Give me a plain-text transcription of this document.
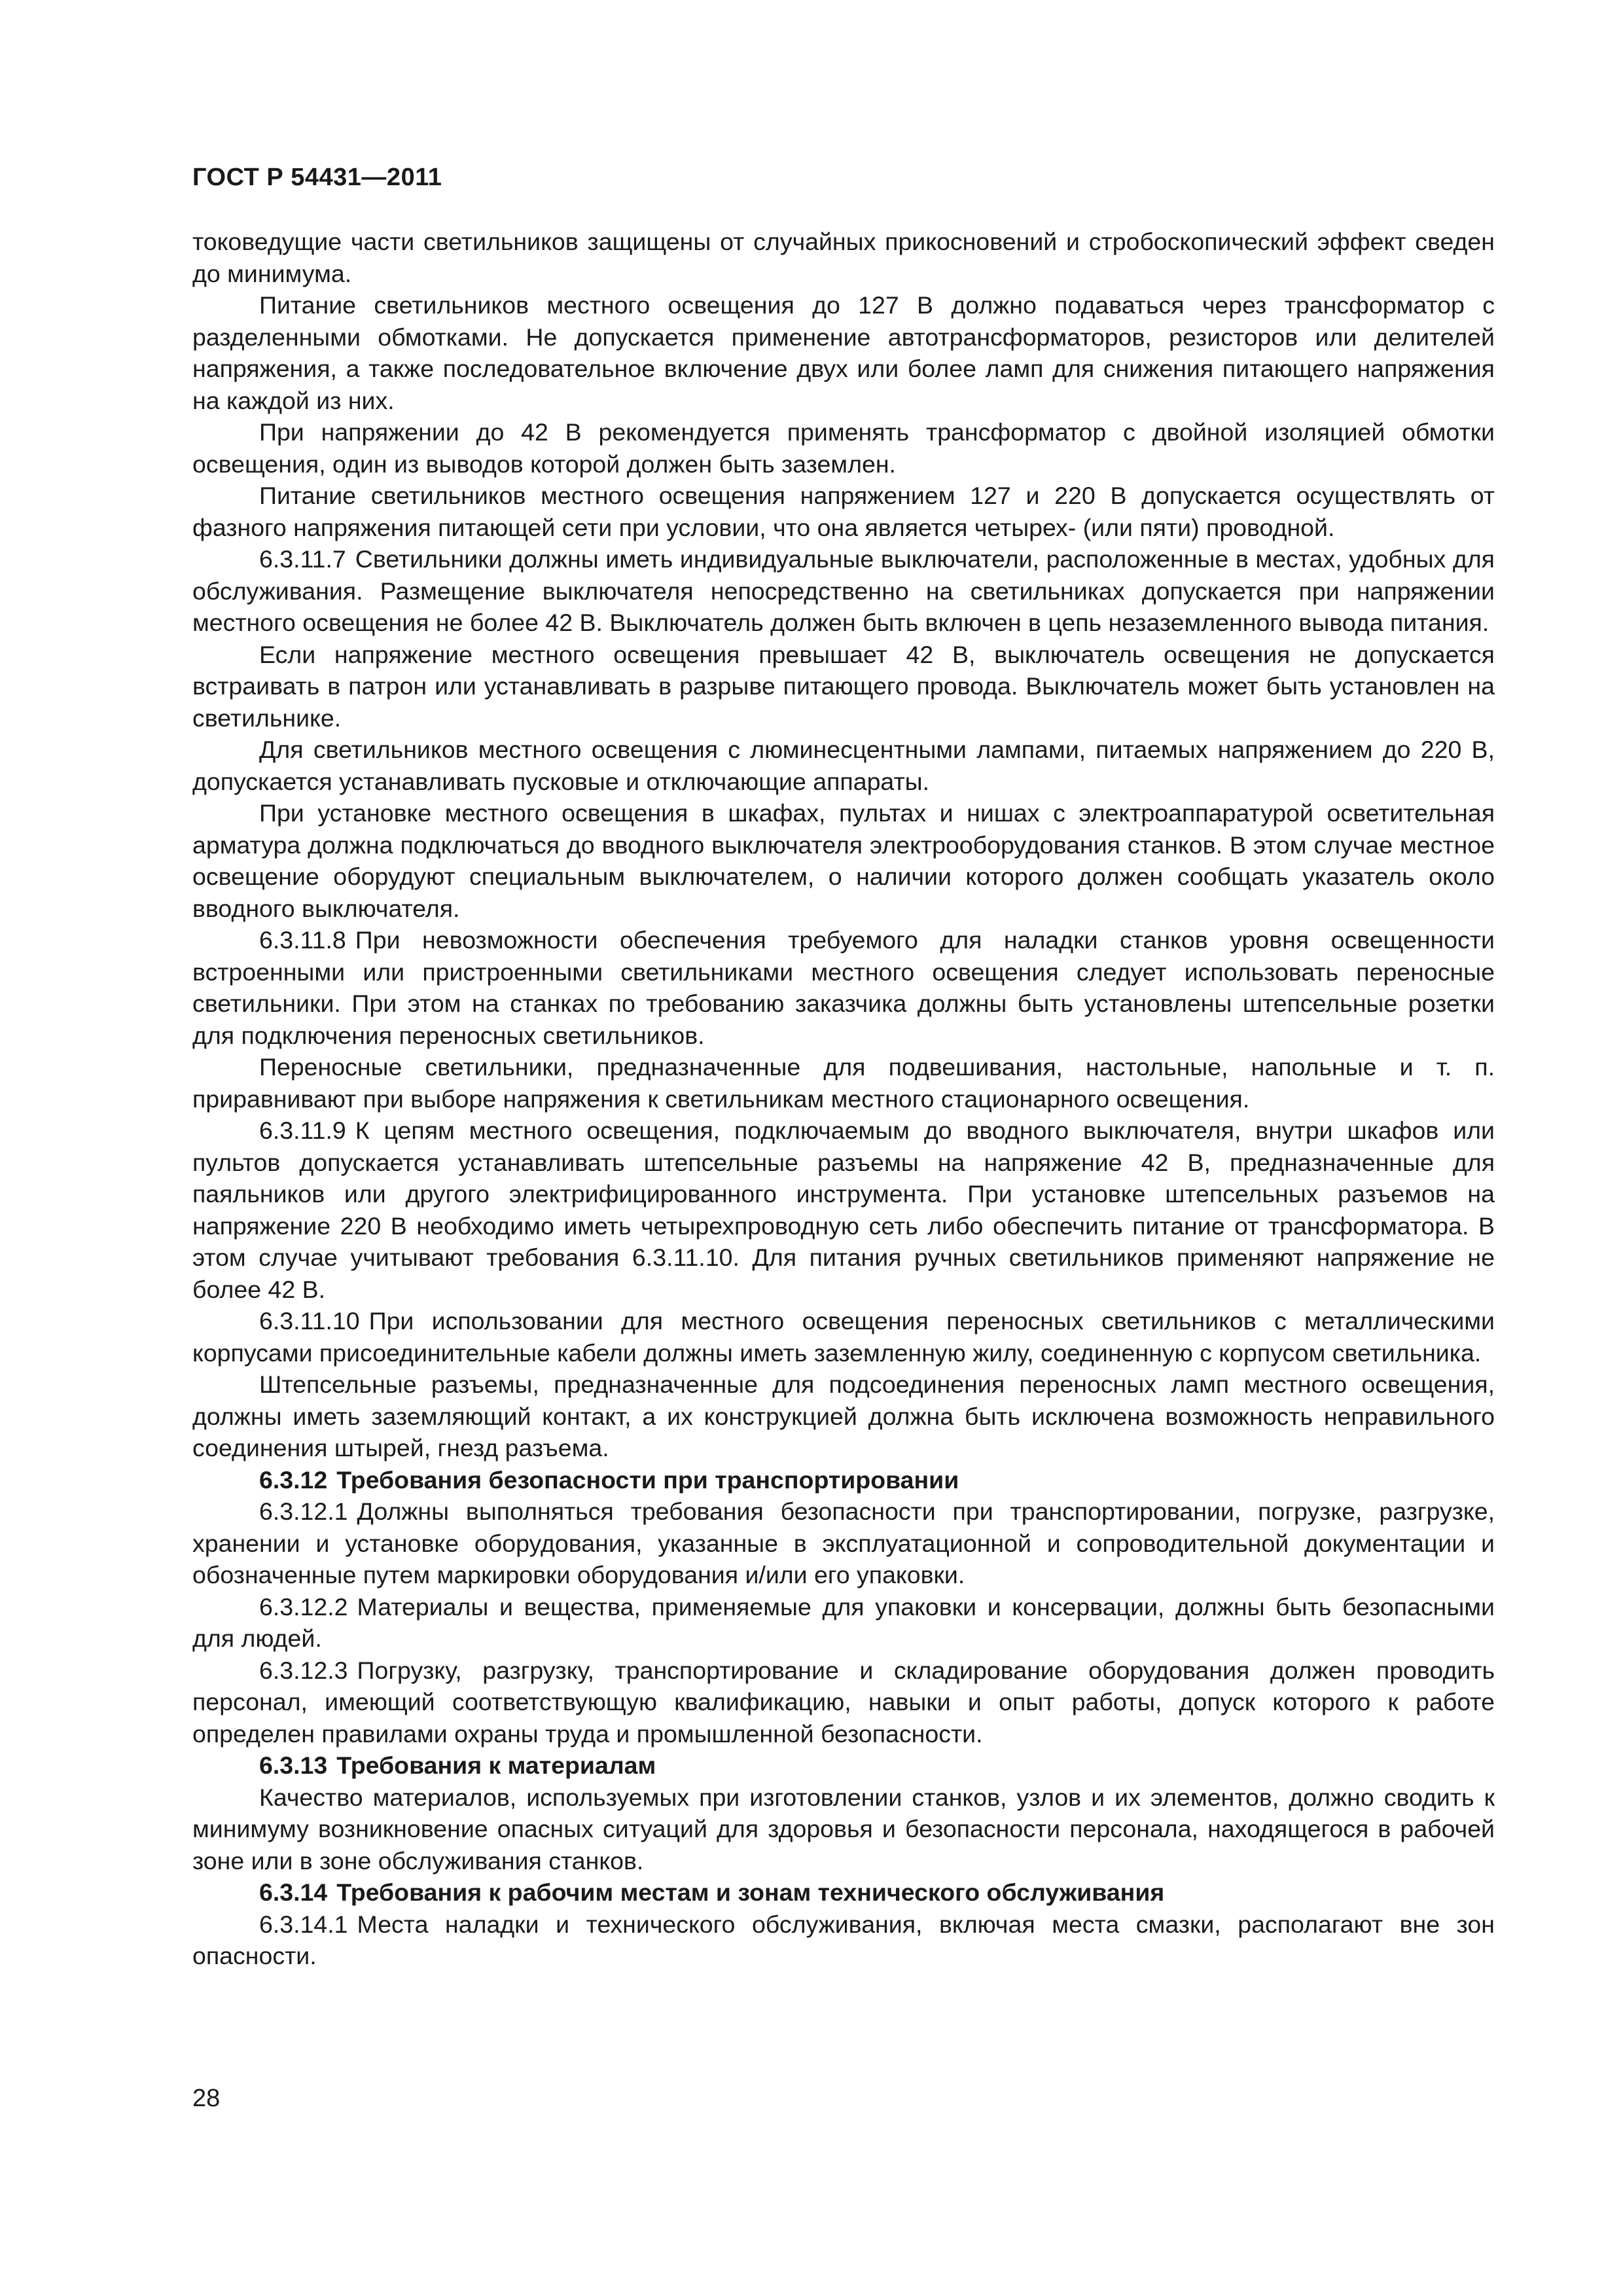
ГОСТ Р 54431—2011

токоведущие части светильников защищены от случайных прикосновений и стробоскопический эффект сведен до минимума.

Питание светильников местного освещения до 127 В должно подаваться через трансформатор с разделенными обмотками. Не допускается применение автотрансформаторов, резисторов или делителей напряжения, а также последовательное включение двух или более ламп для снижения питающего напряжения на каждой из них.

При напряжении до 42 В рекомендуется применять трансформатор с двойной изоляцией обмотки освещения, один из выводов которой должен быть заземлен.

Питание светильников местного освещения напряжением 127 и 220 В допускается осуществлять от фазного напряжения питающей сети при условии, что она является четырех- (или пяти) проводной.

6.3.11.7 Светильники должны иметь индивидуальные выключатели, расположенные в местах, удобных для обслуживания. Размещение выключателя непосредственно на светильниках допускается при напряжении местного освещения не более 42 В. Выключатель должен быть включен в цепь незаземленного вывода питания.

Если напряжение местного освещения превышает 42 В, выключатель освещения не допускается встраивать в патрон или устанавливать в разрыве питающего провода. Выключатель может быть установлен на светильнике.

Для светильников местного освещения с люминесцентными лампами, питаемых напряжением до 220 В, допускается устанавливать пусковые и отключающие аппараты.

При установке местного освещения в шкафах, пультах и нишах с электроаппаратурой осветительная арматура должна подключаться до вводного выключателя электрооборудования станков. В этом случае местное освещение оборудуют специальным выключателем, о наличии которого должен сообщать указатель около вводного выключателя.

6.3.11.8 При невозможности обеспечения требуемого для наладки станков уровня освещенности встроенными или пристроенными светильниками местного освещения следует использовать переносные светильники. При этом на станках по требованию заказчика должны быть установлены штепсельные розетки для подключения переносных светильников.

Переносные светильники, предназначенные для подвешивания, настольные, напольные и т. п. приравнивают при выборе напряжения к светильникам местного стационарного освещения.

6.3.11.9 К цепям местного освещения, подключаемым до вводного выключателя, внутри шкафов или пультов допускается устанавливать штепсельные разъемы на напряжение 42 В, предназначенные для паяльников или другого электрифицированного инструмента. При установке штепсельных разъемов на напряжение 220 В необходимо иметь четырехпроводную сеть либо обеспечить питание от трансформатора. В этом случае учитывают требования 6.3.11.10. Для питания ручных светильников применяют напряжение не более 42 В.

6.3.11.10 При использовании для местного освещения переносных светильников с металлическими корпусами присоединительные кабели должны иметь заземленную жилу, соединенную с корпусом светильника.

Штепсельные разъемы, предназначенные для подсоединения переносных ламп местного освещения, должны иметь заземляющий контакт, а их конструкцией должна быть исключена возможность неправильного соединения штырей, гнезд разъема.

6.3.12 Требования безопасности при транспортировании

6.3.12.1 Должны выполняться требования безопасности при транспортировании, погрузке, разгрузке, хранении и установке оборудования, указанные в эксплуатационной и сопроводительной документации и обозначенные путем маркировки оборудования и/или его упаковки.

6.3.12.2 Материалы и вещества, применяемые для упаковки и консервации, должны быть безопасными для людей.

6.3.12.3 Погрузку, разгрузку, транспортирование и складирование оборудования должен проводить персонал, имеющий соответствующую квалификацию, навыки и опыт работы, допуск которого к работе определен правилами охраны труда и промышленной безопасности.

6.3.13 Требования к материалам

Качество материалов, используемых при изготовлении станков, узлов и их элементов, должно сводить к минимуму возникновение опасных ситуаций для здоровья и безопасности персонала, находящегося в рабочей зоне или в зоне обслуживания станков.

6.3.14 Требования к рабочим местам и зонам технического обслуживания

6.3.14.1 Места наладки и технического обслуживания, включая места смазки, располагают вне зон опасности.

28
